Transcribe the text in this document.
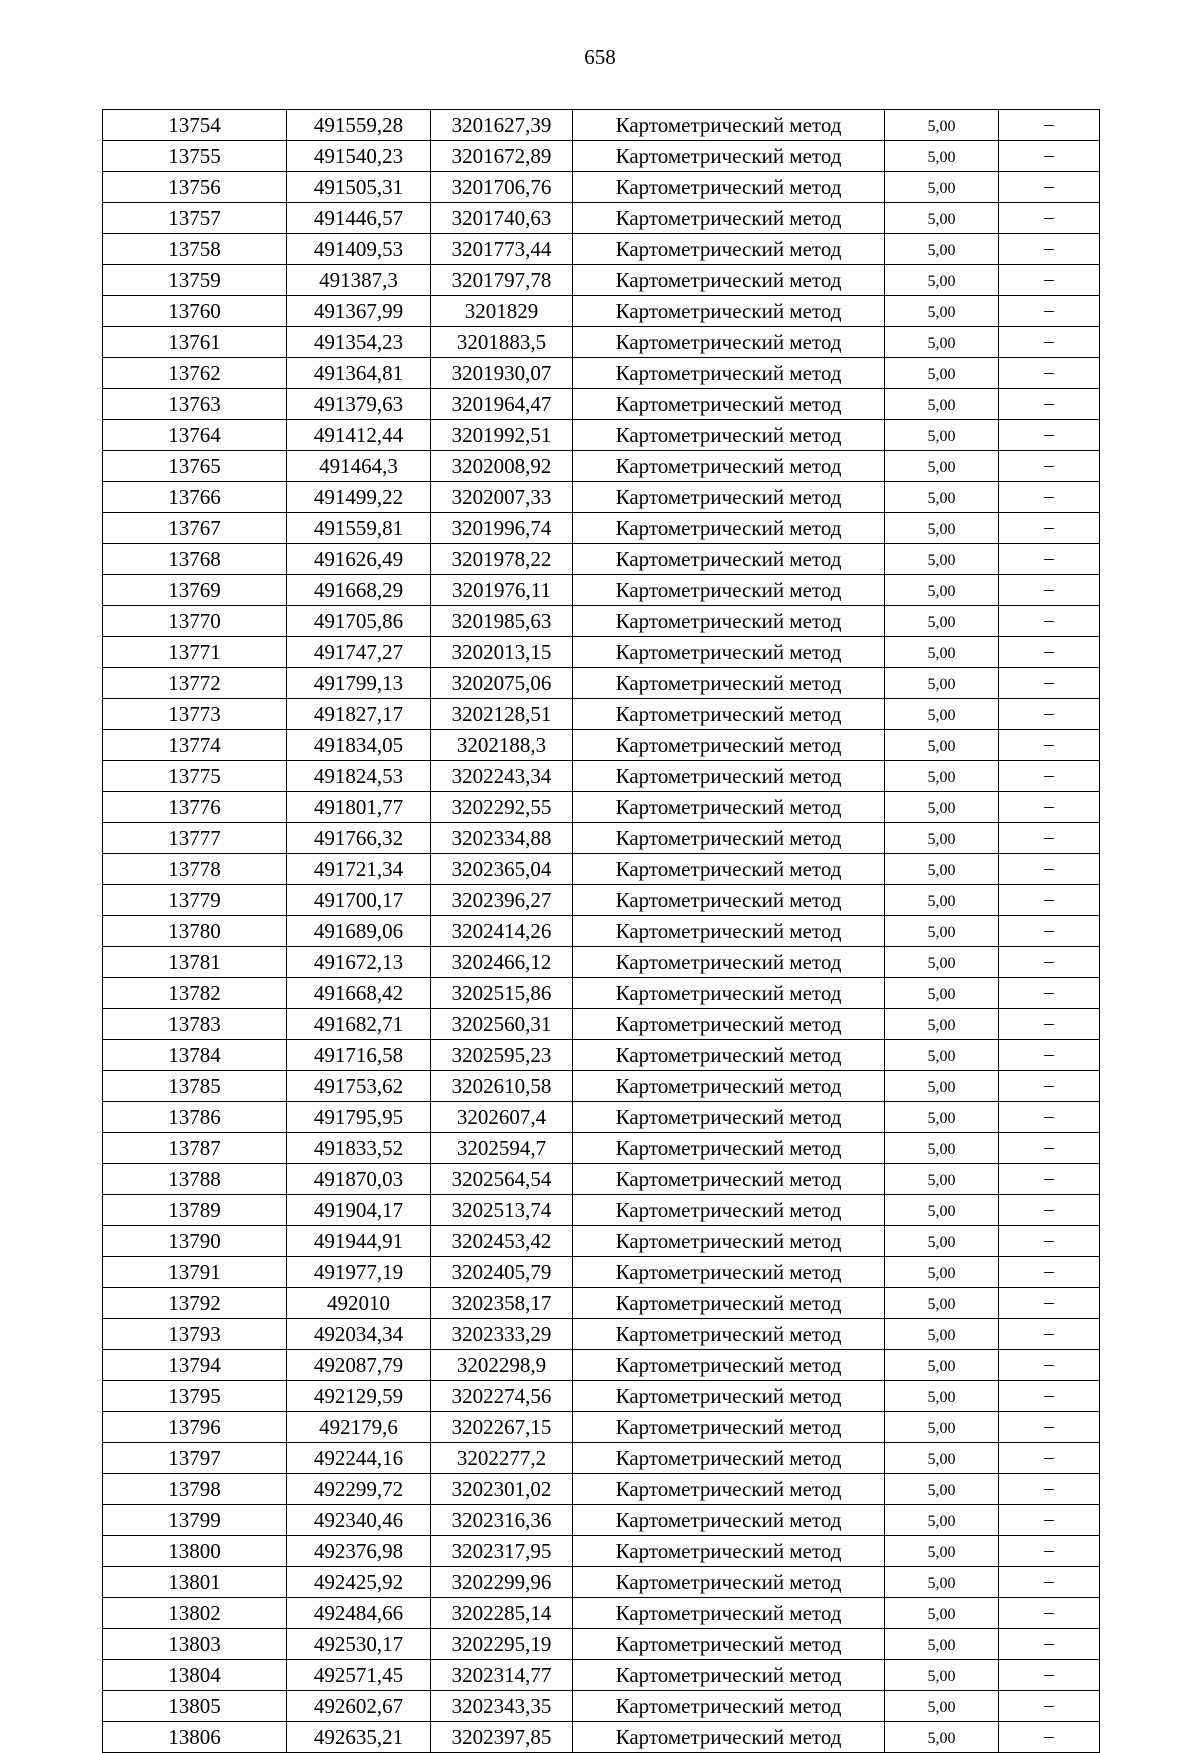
658
13754	491559,28	3201627,39	Картометрический метод	5,00	–
13755	491540,23	3201672,89	Картометрический метод	5,00	–
13756	491505,31	3201706,76	Картометрический метод	5,00	–
13757	491446,57	3201740,63	Картометрический метод	5,00	–
13758	491409,53	3201773,44	Картометрический метод	5,00	–
13759	491387,3	3201797,78	Картометрический метод	5,00	–
13760	491367,99	3201829	Картометрический метод	5,00	–
13761	491354,23	3201883,5	Картометрический метод	5,00	–
13762	491364,81	3201930,07	Картометрический метод	5,00	–
13763	491379,63	3201964,47	Картометрический метод	5,00	–
13764	491412,44	3201992,51	Картометрический метод	5,00	–
13765	491464,3	3202008,92	Картометрический метод	5,00	–
13766	491499,22	3202007,33	Картометрический метод	5,00	–
13767	491559,81	3201996,74	Картометрический метод	5,00	–
13768	491626,49	3201978,22	Картометрический метод	5,00	–
13769	491668,29	3201976,11	Картометрический метод	5,00	–
13770	491705,86	3201985,63	Картометрический метод	5,00	–
13771	491747,27	3202013,15	Картометрический метод	5,00	–
13772	491799,13	3202075,06	Картометрический метод	5,00	–
13773	491827,17	3202128,51	Картометрический метод	5,00	–
13774	491834,05	3202188,3	Картометрический метод	5,00	–
13775	491824,53	3202243,34	Картометрический метод	5,00	–
13776	491801,77	3202292,55	Картометрический метод	5,00	–
13777	491766,32	3202334,88	Картометрический метод	5,00	–
13778	491721,34	3202365,04	Картометрический метод	5,00	–
13779	491700,17	3202396,27	Картометрический метод	5,00	–
13780	491689,06	3202414,26	Картометрический метод	5,00	–
13781	491672,13	3202466,12	Картометрический метод	5,00	–
13782	491668,42	3202515,86	Картометрический метод	5,00	–
13783	491682,71	3202560,31	Картометрический метод	5,00	–
13784	491716,58	3202595,23	Картометрический метод	5,00	–
13785	491753,62	3202610,58	Картометрический метод	5,00	–
13786	491795,95	3202607,4	Картометрический метод	5,00	–
13787	491833,52	3202594,7	Картометрический метод	5,00	–
13788	491870,03	3202564,54	Картометрический метод	5,00	–
13789	491904,17	3202513,74	Картометрический метод	5,00	–
13790	491944,91	3202453,42	Картометрический метод	5,00	–
13791	491977,19	3202405,79	Картометрический метод	5,00	–
13792	492010	3202358,17	Картометрический метод	5,00	–
13793	492034,34	3202333,29	Картометрический метод	5,00	–
13794	492087,79	3202298,9	Картометрический метод	5,00	–
13795	492129,59	3202274,56	Картометрический метод	5,00	–
13796	492179,6	3202267,15	Картометрический метод	5,00	–
13797	492244,16	3202277,2	Картометрический метод	5,00	–
13798	492299,72	3202301,02	Картометрический метод	5,00	–
13799	492340,46	3202316,36	Картометрический метод	5,00	–
13800	492376,98	3202317,95	Картометрический метод	5,00	–
13801	492425,92	3202299,96	Картометрический метод	5,00	–
13802	492484,66	3202285,14	Картометрический метод	5,00	–
13803	492530,17	3202295,19	Картометрический метод	5,00	–
13804	492571,45	3202314,77	Картометрический метод	5,00	–
13805	492602,67	3202343,35	Картометрический метод	5,00	–
13806	492635,21	3202397,85	Картометрический метод	5,00	–
